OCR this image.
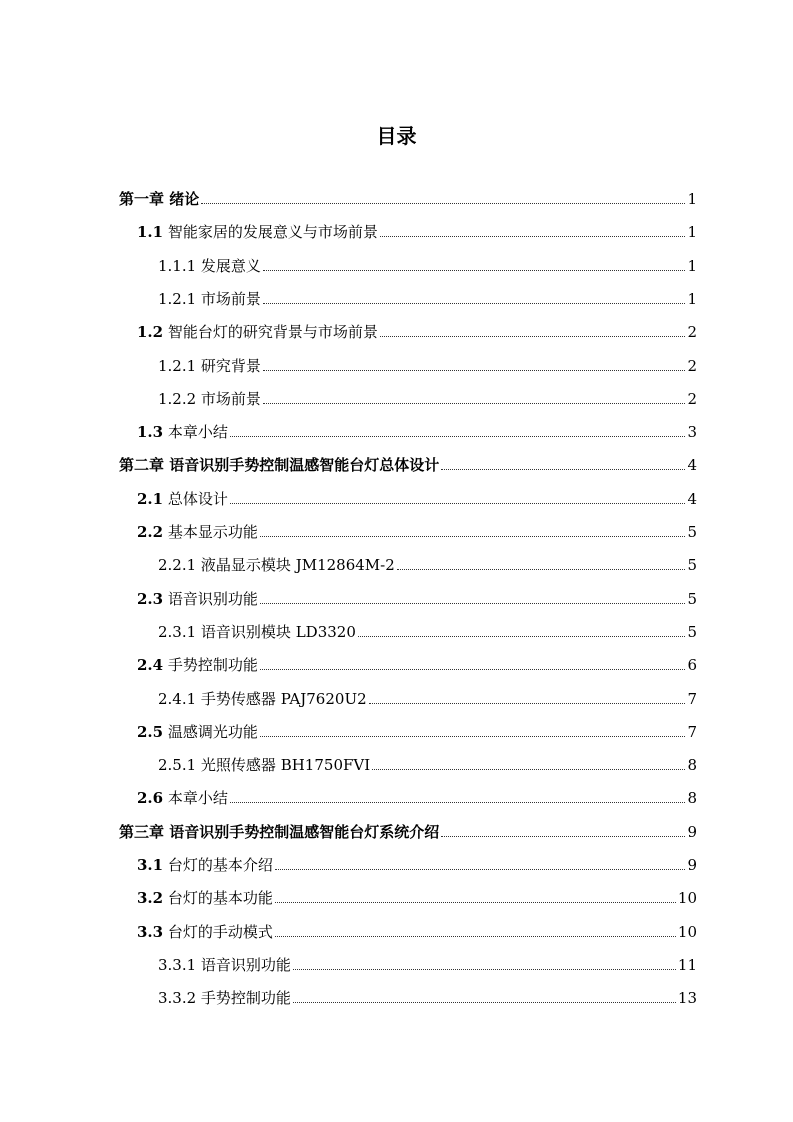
目录
第一章 绪论	1
1.1 智能家居的发展意义与市场前景	1
1.1.1 发展意义	1
1.2.1 市场前景	1
1.2 智能台灯的研究背景与市场前景	2
1.2.1 研究背景	2
1.2.2 市场前景	2
1.3 本章小结	3
第二章 语音识别手势控制温感智能台灯总体设计	4
2.1 总体设计	4
2.2 基本显示功能	5
2.2.1 液晶显示模块 JM12864M-2	5
2.3 语音识别功能	5
2.3.1 语音识别模块 LD3320	5
2.4 手势控制功能	6
2.4.1 手势传感器 PAJ7620U2	7
2.5 温感调光功能	7
2.5.1 光照传感器 BH1750FVI	8
2.6 本章小结	8
第三章 语音识别手势控制温感智能台灯系统介绍	9
3.1 台灯的基本介绍	9
3.2 台灯的基本功能	10
3.3 台灯的手动模式	10
3.3.1 语音识别功能	11
3.3.2 手势控制功能	13
